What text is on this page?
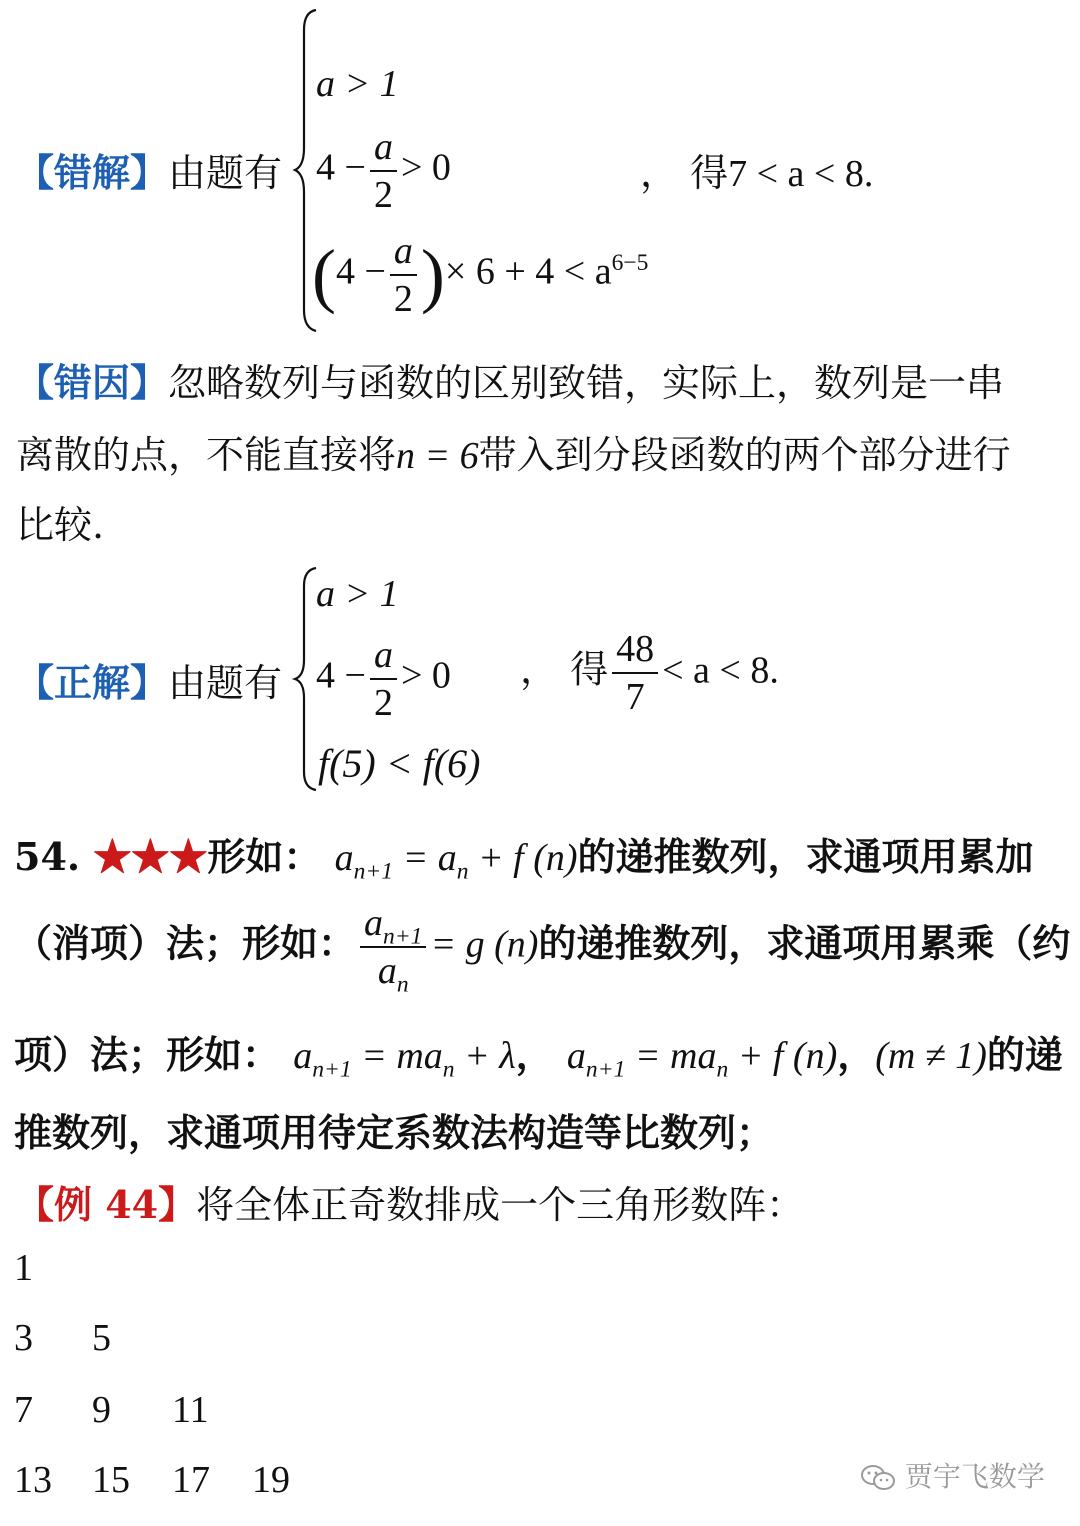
a > 1
$4 - \frac{a}{2} > 0$
($4 - \frac{a}{2}$ )× $6 + 4 < a^{6-5}$
【错解】由题有	， 得7 < a < 8.
【错因】忽略数列与函数的区别致错，实际上，数列是一串
离散的点，不能直接将n = 6带入到分段函数的两个部分进行
比较.
a > 1
$4 - \frac{a}{2} > 0$
f(5) < f(6)
【正解】由题有	， 得 $\frac{48}{7} < a < 8$.
54. ★★★形如： $a_{n+1} = a_n + f$ (n)的递推数列，求通项用累加
（消项）法；形如： $\frac{a_{n+1}}{a_n} = g$ (n)的递推数列，求通项用累乘（约
项）法；形如： $a_{n+1} = ma_n + \lambda$， $a_{n+1} = ma_n + f$ (n)，(m ≠ 1)的递
推数列，求通项用待定系数法构造等比数列；
【例 44】将全体正奇数排成一个三角形数阵：
1
3 5
7 9 11
13 15 17 19	贾宇飞数学
